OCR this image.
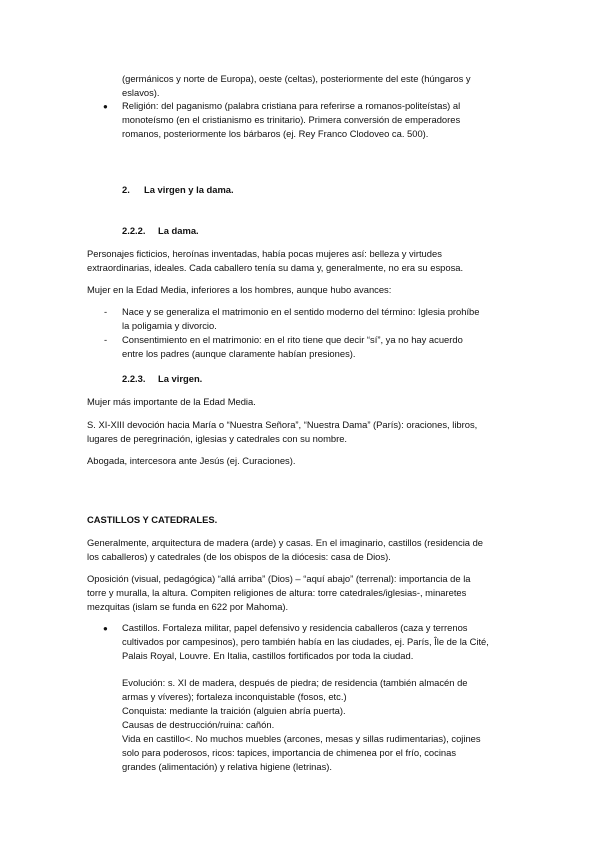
(germánicos y norte de Europa), oeste (celtas), posteriormente del este (húngaros y
eslavos).
● Religión: del paganismo (palabra cristiana para referirse a romanos-politeístas) al
monoteísmo (en el cristianismo es trinitario). Primera conversión de emperadores
romanos, posteriormente los bárbaros (ej. Rey Franco Clodoveo ca. 500).
2. La virgen y la dama.
2.2.2. La dama.
Personajes ficticios, heroínas inventadas, había pocas mujeres así: belleza y virtudes
extraordinarias, ideales. Cada caballero tenía su dama y, generalmente, no era su esposa.
Mujer en la Edad Media, inferiores a los hombres, aunque hubo avances:
- Nace y se generaliza el matrimonio en el sentido moderno del término: Iglesia prohíbe
la poligamia y divorcio.
- Consentimiento en el matrimonio: en el rito tiene que decir “sí”, ya no hay acuerdo
entre los padres (aunque claramente habían presiones).
2.2.3. La virgen.
Mujer más importante de la Edad Media.
S. XI-XIII devoción hacia María o “Nuestra Señora”, “Nuestra Dama” (París): oraciones, libros,
lugares de peregrinación, iglesias y catedrales con su nombre.
Abogada, intercesora ante Jesús (ej. Curaciones).
CASTILLOS Y CATEDRALES.
Generalmente, arquitectura de madera (arde) y casas. En el imaginario, castillos (residencia de
los caballeros) y catedrales (de los obispos de la diócesis: casa de Dios).
Oposición (visual, pedagógica) “allá arriba” (Dios) – “aquí abajo” (terrenal): importancia de la
torre y muralla, la altura. Compiten religiones de altura: torre catedrales/iglesias-, minaretes
mezquitas (islam se funda en 622 por Mahoma).
● Castillos. Fortaleza militar, papel defensivo y residencia caballeros (caza y terrenos
cultivados por campesinos), pero también había en las ciudades, ej. París, Île de la Cité,
Palais Royal, Louvre. En Italia, castillos fortificados por toda la ciudad.
Evolución: s. XI de madera, después de piedra; de residencia (también almacén de
armas y víveres); fortaleza inconquistable (fosos, etc.)
Conquista: mediante la traición (alguien abría puerta).
Causas de destrucción/ruina: cañón.
Vida en castillo<. No muchos muebles (arcones, mesas y sillas rudimentarias), cojines
solo para poderosos, ricos: tapices, importancia de chimenea por el frío, cocinas
grandes (alimentación) y relativa higiene (letrinas).
